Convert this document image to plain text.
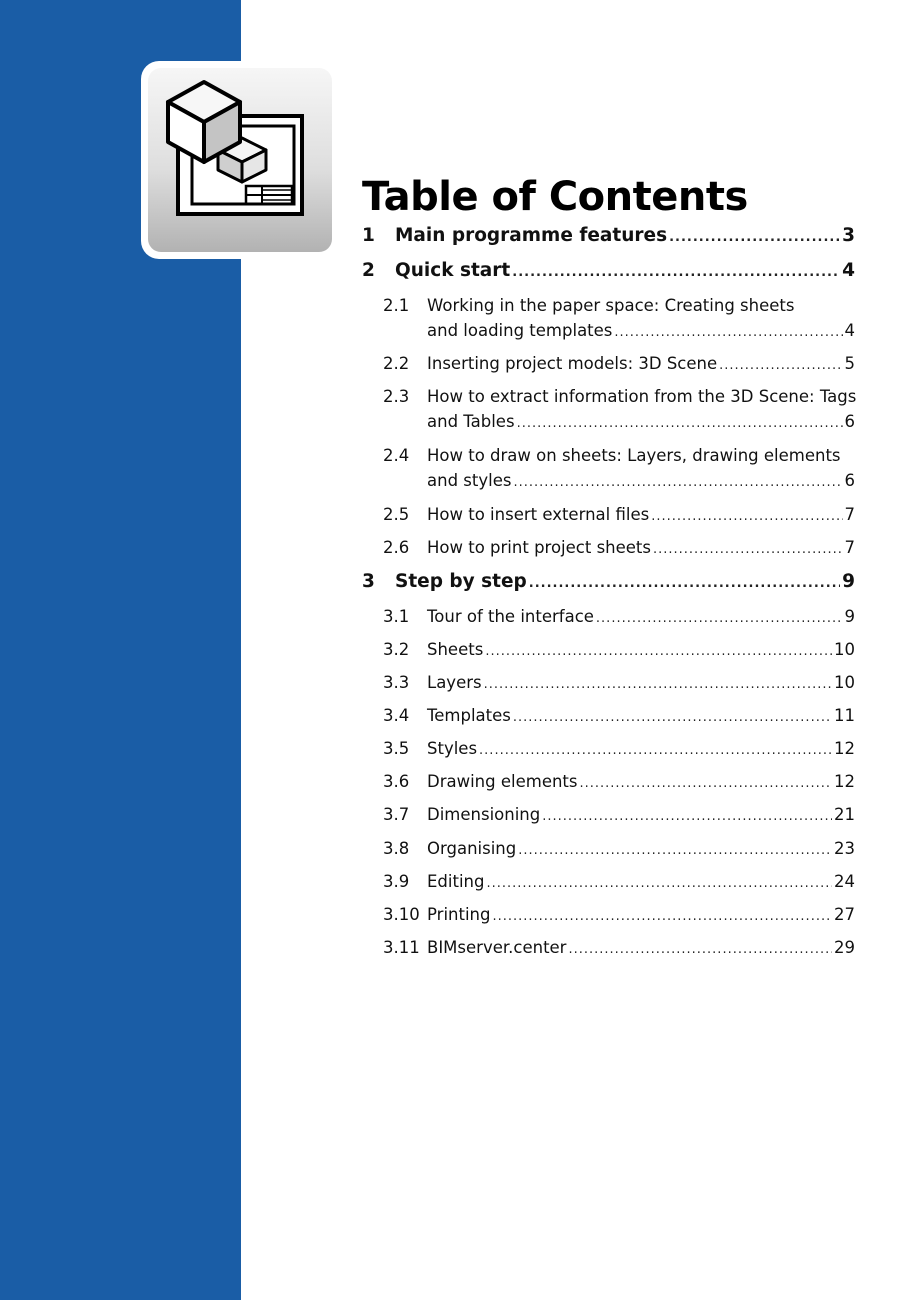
Table of Contents
1	Main programme features .....	3
2	Quick start .....	4
2.1	Working in the paper space: Creating sheets
and loading templates .....	4
2.2	Inserting project models: 3D Scene .....	5
2.3	How to extract information from the 3D Scene: Tags
and Tables .....	6
2.4	How to draw on sheets: Layers, drawing elements
and styles .....	6
2.5	How to insert external files .....	7
2.6	How to print project sheets .....	7
3	Step by step .....	9
3.1	Tour of the interface .....	9
3.2	Sheets .....	10
3.3	Layers .....	10
3.4	Templates .....	11
3.5	Styles .....	12
3.6	Drawing elements .....	12
3.7	Dimensioning .....	21
3.8	Organising .....	23
3.9	Editing .....	24
3.10 Printing .....	27
3.11 BIMserver.center .....	29
